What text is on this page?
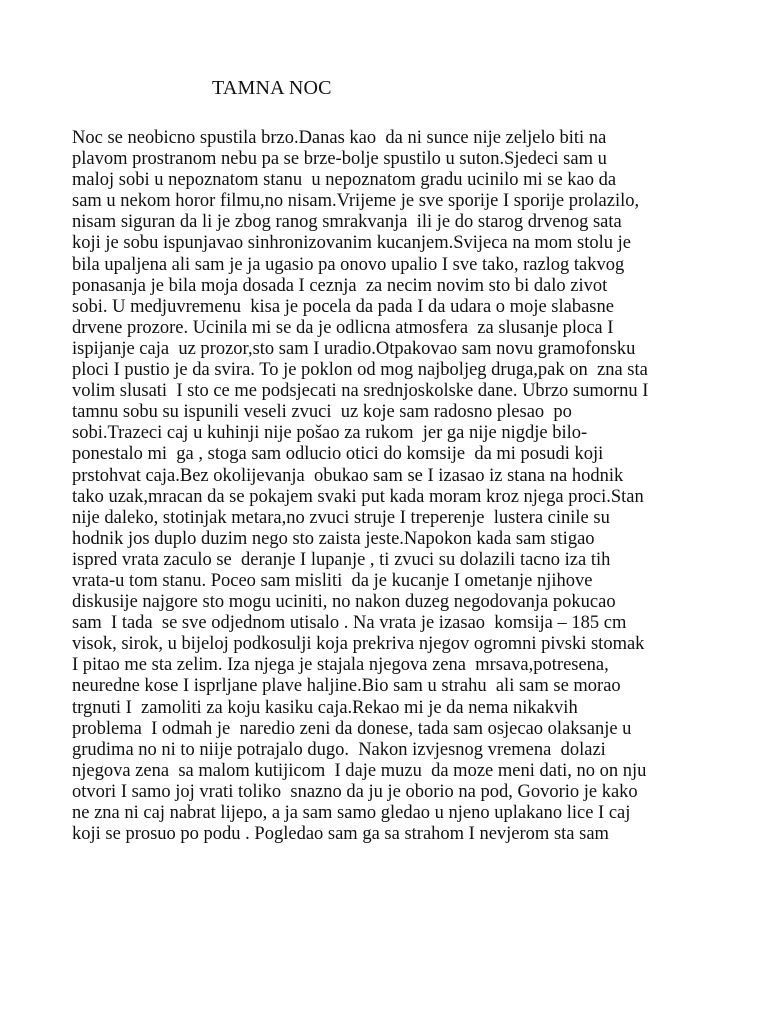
TAMNA NOC
Noc se neobicno spustila brzo.Danas kao  da ni sunce nije zeljelo biti na
plavom prostranom nebu pa se brze-bolje spustilo u suton.Sjedeci sam u
maloj sobi u nepoznatom stanu  u nepoznatom gradu ucinilo mi se kao da
sam u nekom horor filmu,no nisam.Vrijeme je sve sporije I sporije prolazilo,
nisam siguran da li je zbog ranog smrakvanja  ili je do starog drvenog sata
koji je sobu ispunjavao sinhronizovanim kucanjem.Svijeca na mom stolu je
bila upaljena ali sam je ja ugasio pa onovo upalio I sve tako, razlog takvog
ponasanja je bila moja dosada I ceznja  za necim novim sto bi dalo zivot
sobi. U medjuvremenu  kisa je pocela da pada I da udara o moje slabasne
drvene prozore. Ucinila mi se da je odlicna atmosfera  za slusanje ploca I
ispijanje caja  uz prozor,sto sam I uradio.Otpakovao sam novu gramofonsku
ploci I pustio je da svira. To je poklon od mog najboljeg druga,pak on  zna sta
volim slusati  I sto ce me podsjecati na srednjoskolske dane. Ubrzo sumornu I
tamnu sobu su ispunili veseli zvuci  uz koje sam radosno plesao  po
sobi.Trazeci caj u kuhinji nije pošao za rukom  jer ga nije nigdje bilo-
ponestalo mi  ga , stoga sam odlucio otici do komsije  da mi posudi koji
prstohvat caja.Bez okolijevanja  obukao sam se I izasao iz stana na hodnik
tako uzak,mracan da se pokajem svaki put kada moram kroz njega proci.Stan
nije daleko, stotinjak metara,no zvuci struje I treperenje  lustera cinile su
hodnik jos duplo duzim nego sto zaista jeste.Napokon kada sam stigao
ispred vrata zaculo se  deranje I lupanje , ti zvuci su dolazili tacno iza tih
vrata-u tom stanu. Poceo sam misliti  da je kucanje I ometanje njihove
diskusije najgore sto mogu uciniti, no nakon duzeg negodovanja pokucao
sam  I tada  se sve odjednom utisalo . Na vrata je izasao  komsija – 185 cm
visok, sirok, u bijeloj podkosulji koja prekriva njegov ogromni pivski stomak
I pitao me sta zelim. Iza njega je stajala njegova zena  mrsava,potresena,
neuredne kose I isprljane plave haljine.Bio sam u strahu  ali sam se morao
trgnuti I  zamoliti za koju kasiku caja.Rekao mi je da nema nikakvih
problema  I odmah je  naredio zeni da donese, tada sam osjecao olaksanje u
grudima no ni to niije potrajalo dugo.  Nakon izvjesnog vremena  dolazi
njegova zena  sa malom kutijicom  I daje muzu  da moze meni dati, no on nju
otvori I samo joj vrati toliko  snazno da ju je oborio na pod, Govorio je kako
ne zna ni caj nabrat lijepo, a ja sam samo gledao u njeno uplakano lice I caj
koji se prosuo po podu . Pogledao sam ga sa strahom I nevjerom sta sam
